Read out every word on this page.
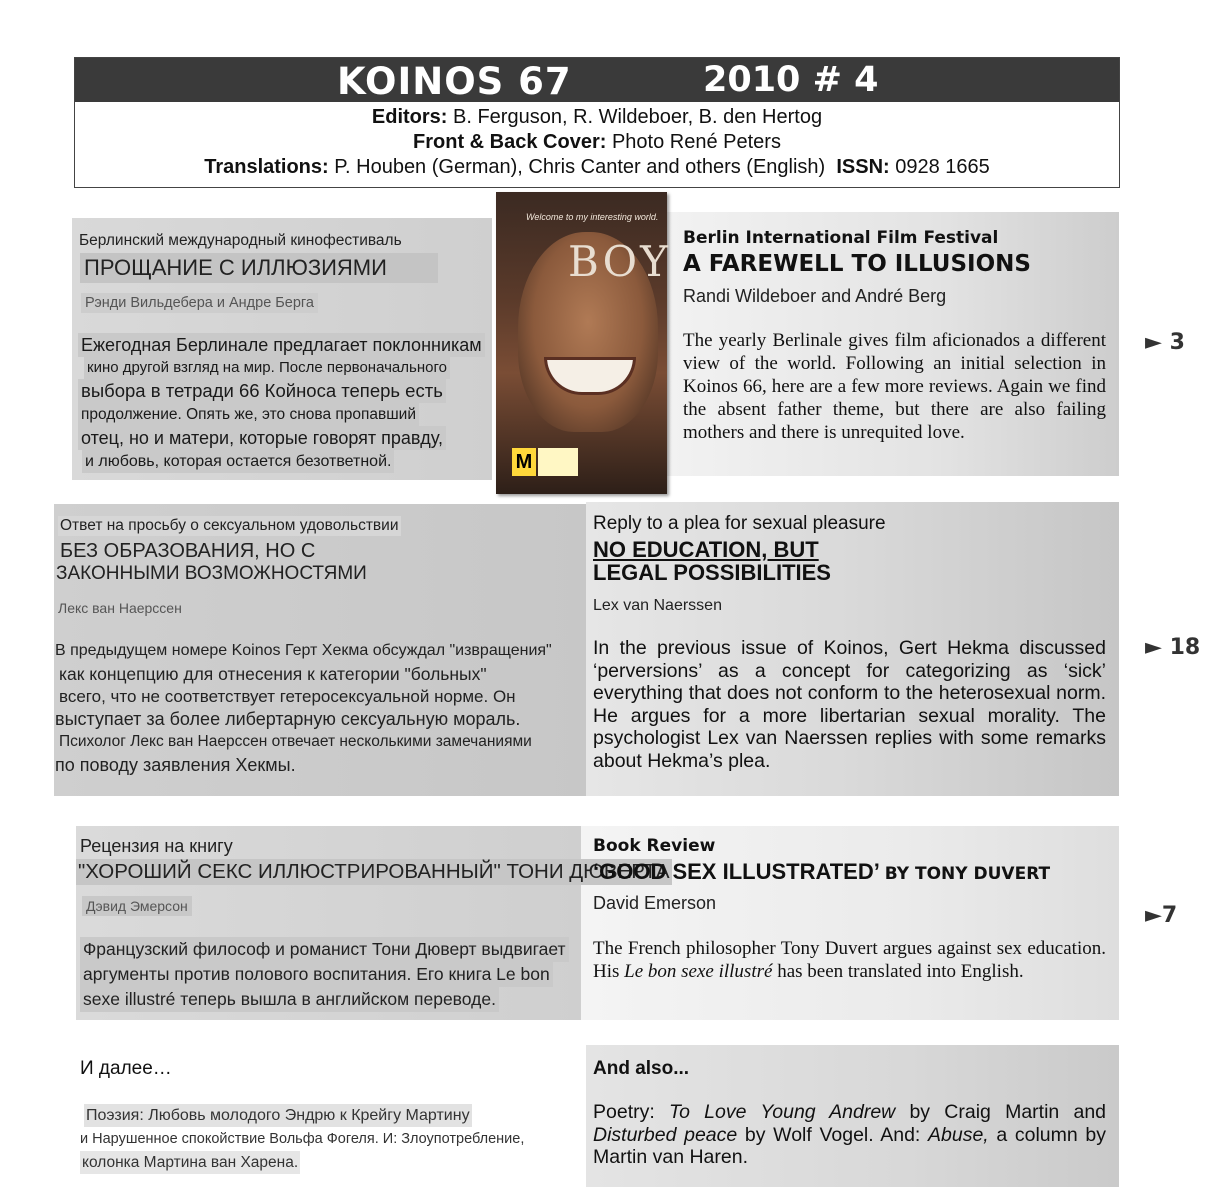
KOINOS 67	2010 # 4
Editors: B. Ferguson, R. Wildeboer, B. den Hertog
Front & Back Cover: Photo René Peters
Translations: P. Houben (German), Chris Canter and others (English) ISSN: 0928 1665
Берлинский международный кинофестиваль
ПРОЩАНИЕ С ИЛЛЮЗИЯМИ
Рэнди Вильдебера и Андре Берга
Ежегодная Берлинале предлагает поклонникам кино другой взгляд на мир. После первоначального выбора в тетради 66 Койноса теперь есть продолжение. Опять же, это снова пропавший отец, но и матери, которые говорят правду, и любовь, которая остается безответной.
Welcome to my interesting world.
BOY
M
Berlin International Film Festival
A FAREWELL TO ILLUSIONS
Randi Wildeboer and André Berg
The yearly Berlinale gives film aficionados a different view of the world. Following an initial selection in Koinos 66, here are a few more reviews. Again we find the absent father theme, but there are also failing mothers and there is unrequited love.
► 3
Ответ на просьбу о сексуальном удовольствии
БЕЗ ОБРАЗОВАНИЯ, НО С
ЗАКОННЫМИ ВОЗМОЖНОСТЯМИ
Лекс ван Наерссен
В предыдущем номере Koinos Герт Хекма обсуждал "извращения"
как концепцию для отнесения к категории "больных"
всего, что не соответствует гетеросексуальной норме. Он
выступает за более либертарную сексуальную мораль.
Психолог Лекс ван Наерссен отвечает несколькими замечаниями
по поводу заявления Хекмы.
Reply to a plea for sexual pleasure
NO EDUCATION, BUT
LEGAL POSSIBILITIES
Lex van Naerssen
In the previous issue of Koinos, Gert Hekma discussed ‘perversions’ as a concept for categorizing as ‘sick’ everything that does not conform to the heterosexual norm. He argues for a more libertarian sexual morality. The psychologist Lex van Naerssen replies with some remarks about Hekma’s plea.
► 18
Рецензия на книгу
"ХОРОШИЙ СЕКС ИЛЛЮСТРИРОВАННЫЙ" ТОНИ ДЮВЕРТА
Дэвид Эмерсон
Французский философ и романист Тони Дюверт выдвигает
аргументы против полового воспитания. Его книга Le bon
sexe illustré теперь вышла в английском переводе.
Book Review
‘GOOD SEX ILLUSTRATED’ BY TONY DUVERT
David Emerson
The French philosopher Tony Duvert argues against sex education. His Le bon sexe illustré has been translated into English.
►7
И далее…
Поэзия: Любовь молодого Эндрю к Крейгу Мартину
и Нарушенное спокойствие Вольфа Фогеля. И: Злоупотребление,
колонка Мартина ван Харена.
And also...
Poetry: To Love Young Andrew by Craig Martin and Disturbed peace by Wolf Vogel. And: Abuse, a column by Martin van Haren.
